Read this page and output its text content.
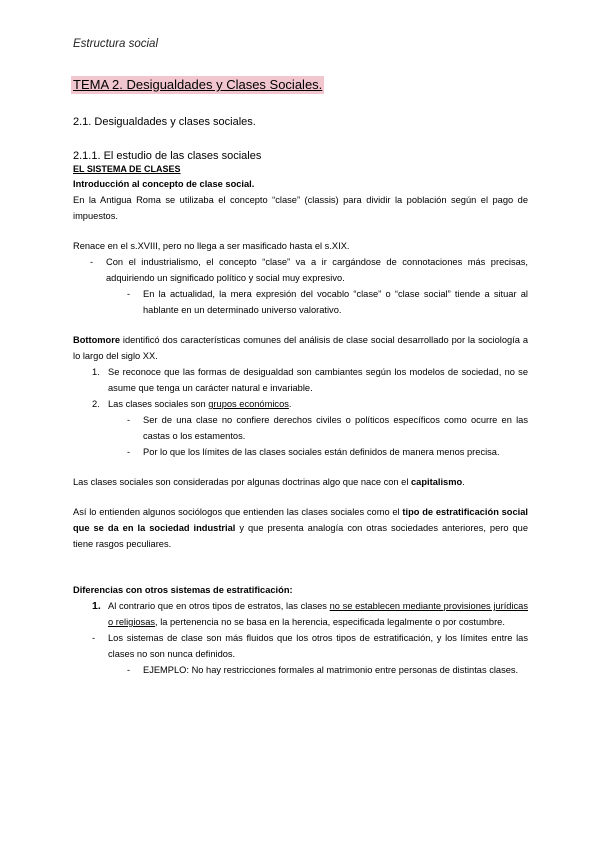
Estructura social
TEMA 2. Desigualdades y Clases Sociales.
2.1. Desigualdades y clases sociales.
2.1.1. El estudio de las clases sociales
EL SISTEMA DE CLASES
Introducción al concepto de clase social.

En la Antigua Roma se utilizaba el concepto “clase” (classis) para dividir la población según el pago de impuestos.

Renace en el s.XVIII, pero no llega a ser masificado hasta el s.XIX.

-	Con el industrialismo, el concepto “clase” va a ir cargándose de connotaciones más precisas, adquiriendo un significado político y social muy expresivo.
-	En la actualidad, la mera expresión del vocablo “clase” o “clase social” tiende a situar al hablante en un determinado universo valorativo.

Bottomore identificó dos características comunes del análisis de clase social desarrollado por la sociología a lo largo del siglo XX.

1. Se reconoce que las formas de desigualdad son cambiantes según los modelos de sociedad, no se asume que tenga un carácter natural e invariable.
2. Las clases sociales son grupos económicos.
-	Ser de una clase no confiere derechos civiles o políticos específicos como ocurre en las castas o los estamentos.
-	Por lo que los límites de las clases sociales están definidos de manera menos precisa.

Las clases sociales son consideradas por algunas doctrinas algo que nace con el capitalismo.

Así lo entienden algunos sociólogos que entienden las clases sociales como el tipo de estratificación social que se da en la sociedad industrial y que presenta analogía con otras sociedades anteriores, pero que tiene rasgos peculiares.

Diferencias con otros sistemas de estratificación:
1. Al contrario que en otros tipos de estratos, las clases no se establecen mediante provisiones jurídicas o religiosas, la pertenencia no se basa en la herencia, especificada legalmente o por costumbre.
-	Los sistemas de clase son más fluidos que los otros tipos de estratificación, y los límites entre las clases no son nunca definidos.
-	EJEMPLO: No hay restricciones formales al matrimonio entre personas de distintas clases.
